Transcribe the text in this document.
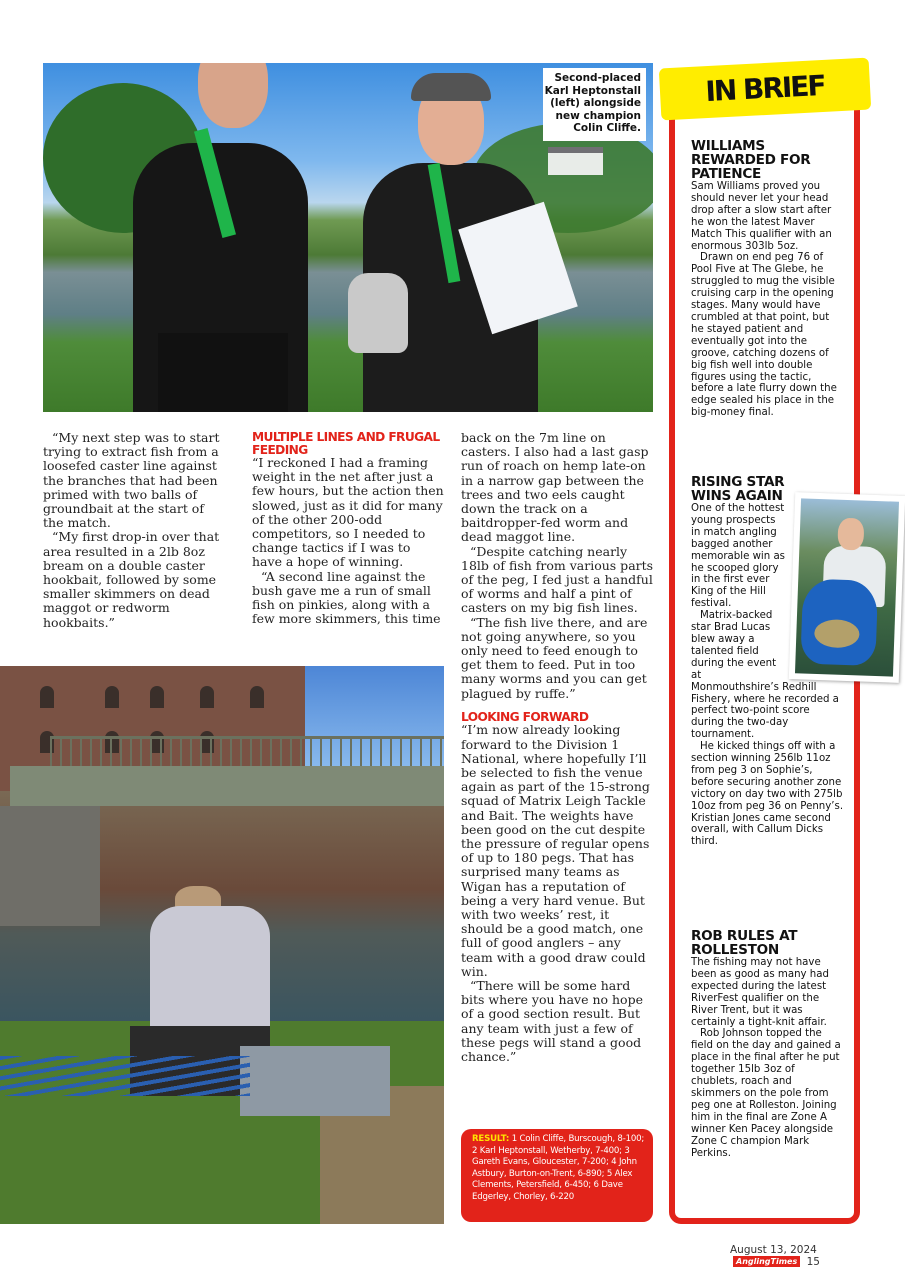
Second-placed Karl Heptonstall (left) alongside new champion Colin Cliffe.

“My next step was to start trying to extract fish from a loosefed caster line against the branches that had been primed with two balls of groundbait at the start of the match.

“My first drop-in over that area resulted in a 2lb 8oz bream on a double caster hookbait, followed by some smaller skimmers on dead maggot or redworm hookbaits.”

MULTIPLE LINES AND FRUGAL FEEDING

“I reckoned I had a framing weight in the net after just a few hours, but the action then slowed, just as it did for many of the other 200-odd competitors, so I needed to change tactics if I was to have a hope of winning.

“A second line against the bush gave me a run of small fish on pinkies, along with a few more skimmers, this time

back on the 7m line on casters. I also had a last gasp run of roach on hemp late-on in a narrow gap between the trees and two eels caught down the track on a baitdropper-fed worm and dead maggot line.

“Despite catching nearly 18lb of fish from various parts of the peg, I fed just a handful of worms and half a pint of casters on my big fish lines.

“The fish live there, and are not going anywhere, so you only need to feed enough to get them to feed. Put in too many worms and you can get plagued by ruffe.”

LOOKING FORWARD

“I’m now already looking forward to the Division 1 National, where hopefully I’ll be selected to fish the venue again as part of the 15-strong squad of Matrix Leigh Tackle and Bait. The weights have been good on the cut despite the pressure of regular opens of up to 180 pegs. That has surprised many teams as Wigan has a reputation of being a very hard venue. But with two weeks’ rest, it should be a good match, one full of good anglers – any team with a good draw could win.

“There will be some hard bits where you have no hope of a good section result. But any team with just a few of these pegs will stand a good chance.”

RESULT: 1 Colin Cliffe, Burscough, 8-100; 2 Karl Heptonstall, Wetherby, 7-400; 3 Gareth Evans, Gloucester, 7-200; 4 John Astbury, Burton-on-Trent, 6-890; 5 Alex Clements, Petersfield, 6-450; 6 Dave Edgerley, Chorley, 6-220
IN BRIEF
WILLIAMS REWARDED FOR PATIENCE

Sam Williams proved you should never let your head drop after a slow start after he won the latest Maver Match This qualifier with an enormous 303lb 5oz.

Drawn on end peg 76 of Pool Five at The Glebe, he struggled to mug the visible cruising carp in the opening stages. Many would have crumbled at that point, but he stayed patient and eventually got into the groove, catching dozens of big fish well into double figures using the tactic, before a late flurry down the edge sealed his place in the big-money final.

RISING STAR WINS AGAIN

One of the hottest young prospects in match angling bagged another memorable win as he scooped glory in the first ever King of the Hill festival.

Matrix-backed star Brad Lucas blew away a talented field during the event at Monmouthshire’s Redhill Fishery, where he recorded a perfect two-point score during the two-day tournament.

He kicked things off with a section winning 256lb 11oz from peg 3 on Sophie’s, before securing another zone victory on day two with 275lb 10oz from peg 36 on Penny’s. Kristian Jones came second overall, with Callum Dicks third.

ROB RULES AT ROLLESTON

The fishing may not have been as good as many had expected during the latest RiverFest qualifier on the River Trent, but it was certainly a tight-knit affair.

Rob Johnson topped the field on the day and gained a place in the final after he put together 15lb 3oz of chublets, roach and skimmers on the pole from peg one at Rolleston. Joining him in the final are Zone A winner Ken Pacey alongside Zone C champion Mark Perkins.

August 13, 2024 AnglingTimes 15
